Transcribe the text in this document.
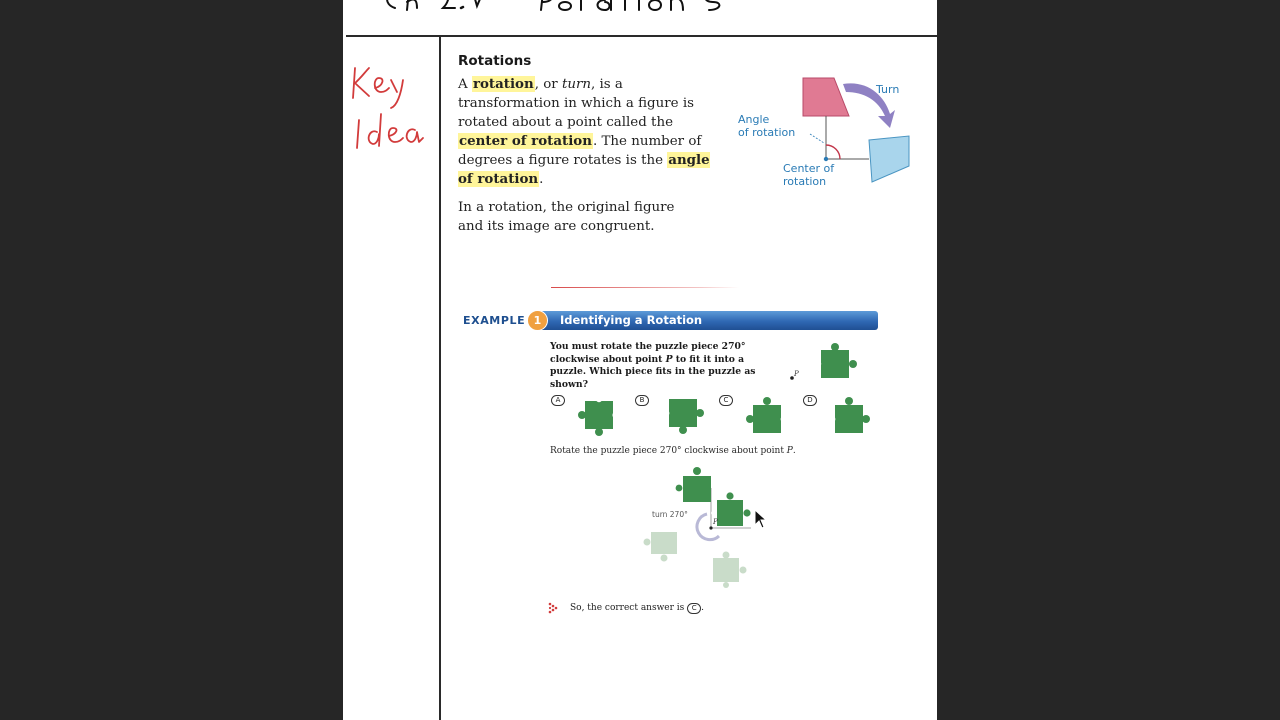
Rotations

A rotation, or turn, is a transformation in which a figure is rotated about a point called the center of rotation. The number of degrees a figure rotates is the angle of rotation.

In a rotation, the original figure and its image are congruent.

Turn
Angle
of rotation
Center of
rotation
EXAMPLE 1	Identifying a Rotation

You must rotate the puzzle piece 270° clockwise about point P to fit it into a puzzle. Which piece fits in the puzzle as shown?

P
A	B	C	D

Rotate the puzzle piece 270° clockwise about point P.

turn 270°
P
So, the correct answer is C .
